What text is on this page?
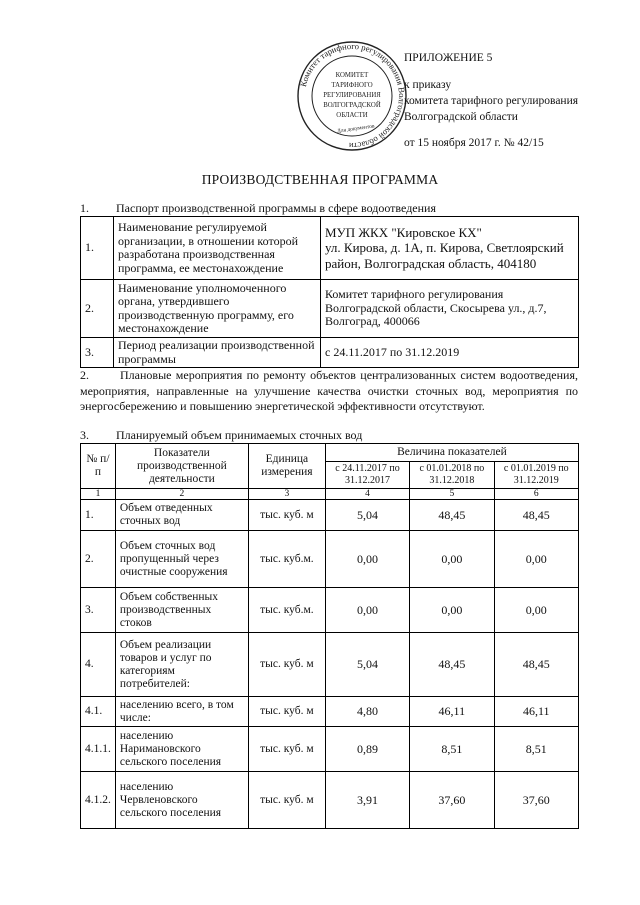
Комитет тарифного регулирования Волгоградской области
КОМИТЕТ
ТАРИФНОГО
РЕГУЛИРОВАНИЯ
ВОЛГОГРАДСКОЙ
ОБЛАСТИ
Для документов
ПРИЛОЖЕНИЕ 5
к приказу
комитета тарифного регулирования
Волгоградской области
от 15 ноября 2017 г. № 42/15
ПРОИЗВОДСТВЕННАЯ ПРОГРАММА
1. Паспорт производственной программы в сфере водоотведения
1.	Наименование регулируемой организации, в отношении которой разработана производственная программа, ее местонахождение	МУП ЖКХ "Кировское КХ"
ул. Кирова, д. 1А, п. Кирова, Светлоярский район, Волгоградская область, 404180
2.	Наименование уполномоченного органа, утвердившего производственную программу, его местонахождение	Комитет тарифного регулирования
Волгоградской области, Скосырева ул., д.7, Волгоград, 400066
3.	Период реализации производственной программы	с 24.11.2017 по 31.12.2019
2.	Плановые мероприятия по ремонту объектов централизованных систем водоотведения, мероприятия, направленные на улучшение качества очистки сточных вод, мероприятия по энергосбережению и повышению энергетической эффективности отсутствуют.
3. Планируемый объем принимаемых сточных вод
№ п/п	Показатели производственной деятельности	Единица измерения	Величина показателей		
			с 24.11.2017 по 31.12.2017	с 01.01.2018 по 31.12.2018	с 01.01.2019 по 31.12.2019
1	2	3	4	5	6
1.	Объем отведенных сточных вод	тыс. куб. м	5,04	48,45	48,45
2.	Объем сточных вод пропущенный через очистные сооружения	тыс. куб.м.	0,00	0,00	0,00
3.	Объем собственных производственных стоков	тыс. куб.м.	0,00	0,00	0,00
4.	Объем реализации товаров и услуг по категориям потребителей:	тыс. куб. м	5,04	48,45	48,45
4.1.	населению всего, в том числе:	тыс. куб. м	4,80	46,11	46,11
4.1.1.	населению Наримановского сельского поселения	тыс. куб. м	0,89	8,51	8,51
4.1.2.	населению Червленовского сельского поселения	тыс. куб. м	3,91	37,60	37,60
